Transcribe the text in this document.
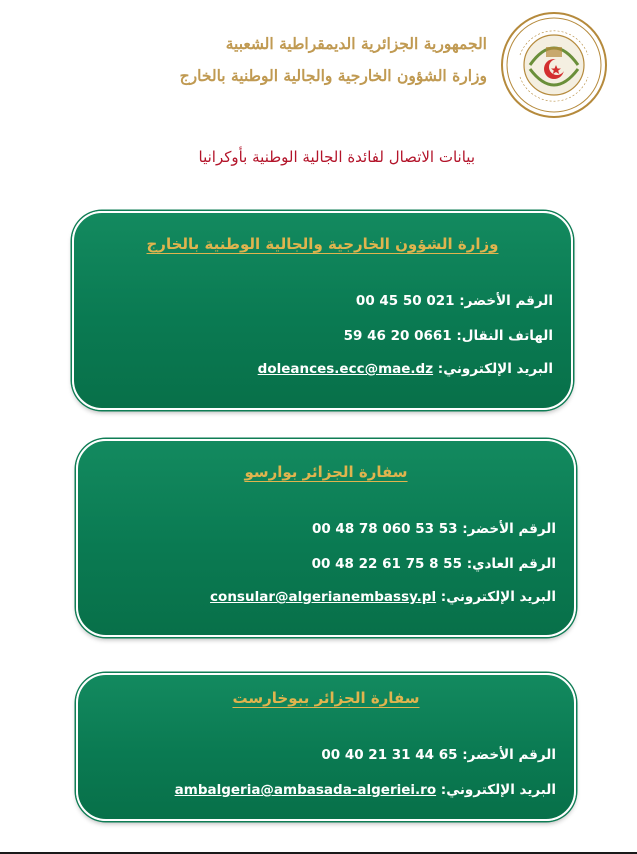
الجمهورية الجزائرية الديمقراطية الشعبية
وزارة الشؤون الخارجية والجالية الوطنية بالخارج
بيانات الاتصال لفائدة الجالية الوطنية بأوكرانيا
وزارة الشؤون الخارجية والجالية الوطنية بالخارج
الرقم الأخضر: 00 45 50 021
الهاتف النقال: 59 46 20 0661
البريد الإلكتروني: doleances.ecc@mae.dz
سفارة الجزائر بوارسو
الرقم الأخضر: 00 48 78 060 53 53
الرقم العادي: 00 48 22 61 75 8 55
البريد الإلكتروني: consular@algerianembassy.pl
سفارة الجزائر ببوخارست
الرقم الأخضر: 00 40 21 31 44 65
البريد الإلكتروني: ambalgeria@ambasada-algeriei.ro
